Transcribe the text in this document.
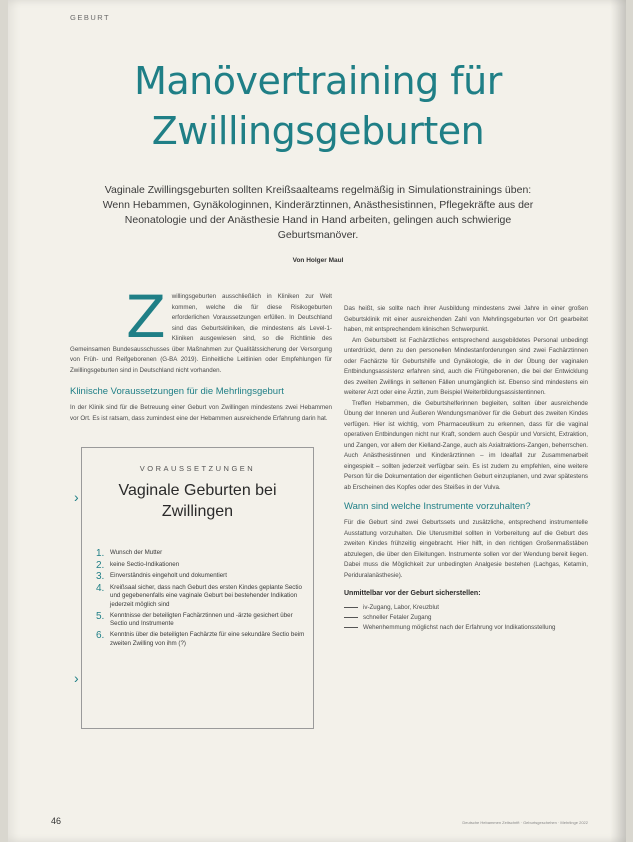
GEBURT
Manövertraining für Zwillingsgeburten
Vaginale Zwillingsgeburten sollten Kreißsaalteams regelmäßig in Simulationstrainings üben: Wenn Hebammen, Gynäkologinnen, Kinderärztinnen, Anästhesistinnen, Pflegekräfte aus der Neonatologie und der Anästhesie Hand in Hand arbeiten, gelingen auch schwierige Geburtsmanöver.
Von Holger Maul
Z willingsgeburten ausschließlich in Kliniken zur Welt kommen, welche die für diese Risikogeburten erforderlichen Voraussetzungen erfüllen. In Deutschland sind das Geburtskliniken, die mindestens als Level-1-Kliniken ausgewiesen sind, so die Richtlinie des Gemeinsamen Bundesausschusses über Maßnahmen zur Qualitätssicherung der Versorgung von Früh- und Reifgeborenen (G-BA 2019). Einheitliche Leitlinien oder Empfehlungen für Zwillingsgeburten sind in Deutschland nicht vorhanden.

Klinische Voraussetzungen für die Mehrlingsgeburt

In der Klinik sind für die Betreuung einer Geburt von Zwillingen mindestens zwei Hebammen vor Ort. Es ist ratsam, dass zumindest eine der Hebammen ausreichende Erfahrung darin hat.

›
VORAUSSETZUNGEN
Vaginale Geburten bei Zwillingen
1. Wunsch der Mutter
2. keine Sectio-Indikationen
3. Einverständnis eingeholt und dokumentiert
4. Kreißsaal sicher, dass nach Geburt des ersten Kindes geplante Sectio und gegebenenfalls eine vaginale Geburt bei bestehender Indikation jederzeit möglich sind
5. Kenntnisse der beteiligten Fachärztinnen und -ärzte gesichert über Sectio und Instrumente
6. Kenntnis über die beteiligten Fachärzte für eine sekundäre Sectio beim zweiten Zwilling von ihm (?)
›

Das heißt, sie sollte nach ihrer Ausbildung mindestens zwei Jahre in einer großen Geburtsklinik mit einer ausreichenden Zahl von Mehrlingsgeburten vor Ort gearbeitet haben, mit entsprechendem klinischen Schwerpunkt.

Am Geburtsbett ist Fachärztliches entsprechend ausgebildetes Personal unbedingt unterdrückt, denn zu den personellen Mindestanforderungen sind zwei Fachärztinnen oder Fachärzte für Geburtshilfe und Gynäkologie, die in der Übung der vaginalen Entbindungsassistenz erfahren sind, auch die Frühgeborenen, die bei der Entwicklung des zweiten Zwillings in seltenen Fällen unumgänglich ist. Ebenso sind mindestens ein weiterer Arzt oder eine Ärztin, zum Beispiel Weiterbildungsassistentinnen.

Treffen Hebammen, die Geburtshelferinnen begleiten, sollten über ausreichende Übung der Inneren und Äußeren Wendungsmanöver für die Geburt des zweiten Kindes verfügen. Hier ist wichtig, vom Pharmaceutikum zu erkennen, dass für die vaginal operativen Entbindungen nicht nur Kraft, sondern auch Gespür und Vorsicht, Extraktion, und Zangen, vor allem der Kielland-Zange, auch als Axialtraktions-Zangen, beherrschen. Auch Anästhesistinnen und Kinderärztinnen – im Idealfall zur Zusammenarbeit eingespielt – sollten jederzeit verfügbar sein. Es ist zudem zu empfehlen, eine weitere Person für die Dokumentation der eigentlichen Geburt einzuplanen, und zwar spätestens ab Erscheinen des Kopfes oder des Steißes in der Vulva.

Wann sind welche Instrumente vorzuhalten?

Für die Geburt sind zwei Geburtssets und zusätzliche, entsprechend instrumentelle Ausstattung vorzuhalten. Die Uterusmittel sollten in Vorbereitung auf die Geburt des zweiten Kindes frühzeitig eingebracht. Hier hilft, in den richtigen Großenmaßstäben abzulegen, die über den Eileitungen. Instrumente sollen vor der Wendung bereit liegen. Dabei muss die Möglichkeit zur unbedingten Analgesie bestehen (Lachgas, Ketamin, Periduralanästhesie).

Unmittelbar vor der Geburt sicherstellen:
iv-Zugang, Labor, Kreuzblut
schneller Fetaler Zugang
Wehenhemmung möglichst nach der Erfahrung vor Indikationsstellung
46	Deutsche Hebammen Zeitschrift · Geburtsgeschehen · Mehrlinge 2022
